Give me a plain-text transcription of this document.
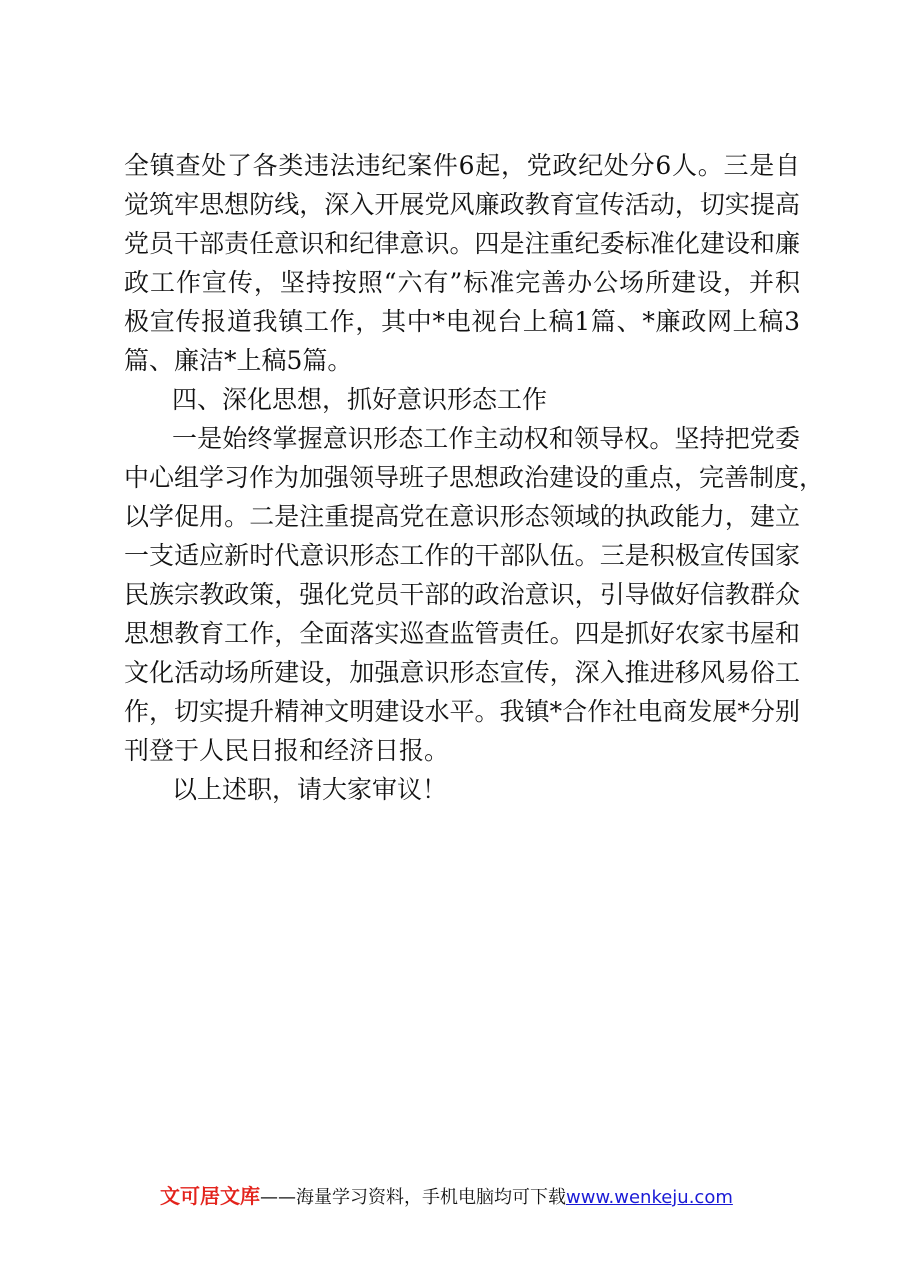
全镇查处了各类违法违纪案件6起，党政纪处分6人。三是自
觉筑牢思想防线，深入开展党风廉政教育宣传活动，切实提高
党员干部责任意识和纪律意识。四是注重纪委标准化建设和廉
政工作宣传，坚持按照“六有”标准完善办公场所建设，并积
极宣传报道我镇工作，其中*电视台上稿1篇、*廉政网上稿3
篇、廉洁*上稿5篇。
四、深化思想，抓好意识形态工作
一是始终掌握意识形态工作主动权和领导权。坚持把党委
中心组学习作为加强领导班子思想政治建设的重点，完善制度，
以学促用。二是注重提高党在意识形态领域的执政能力，建立
一支适应新时代意识形态工作的干部队伍。三是积极宣传国家
民族宗教政策，强化党员干部的政治意识，引导做好信教群众
思想教育工作，全面落实巡查监管责任。四是抓好农家书屋和
文化活动场所建设，加强意识形态宣传，深入推进移风易俗工
作，切实提升精神文明建设水平。我镇*合作社电商发展*分别
刊登于人民日报和经济日报。
以上述职，请大家审议！
文可居文库——海量学习资料，手机电脑均可下载www.wenkeju.com
